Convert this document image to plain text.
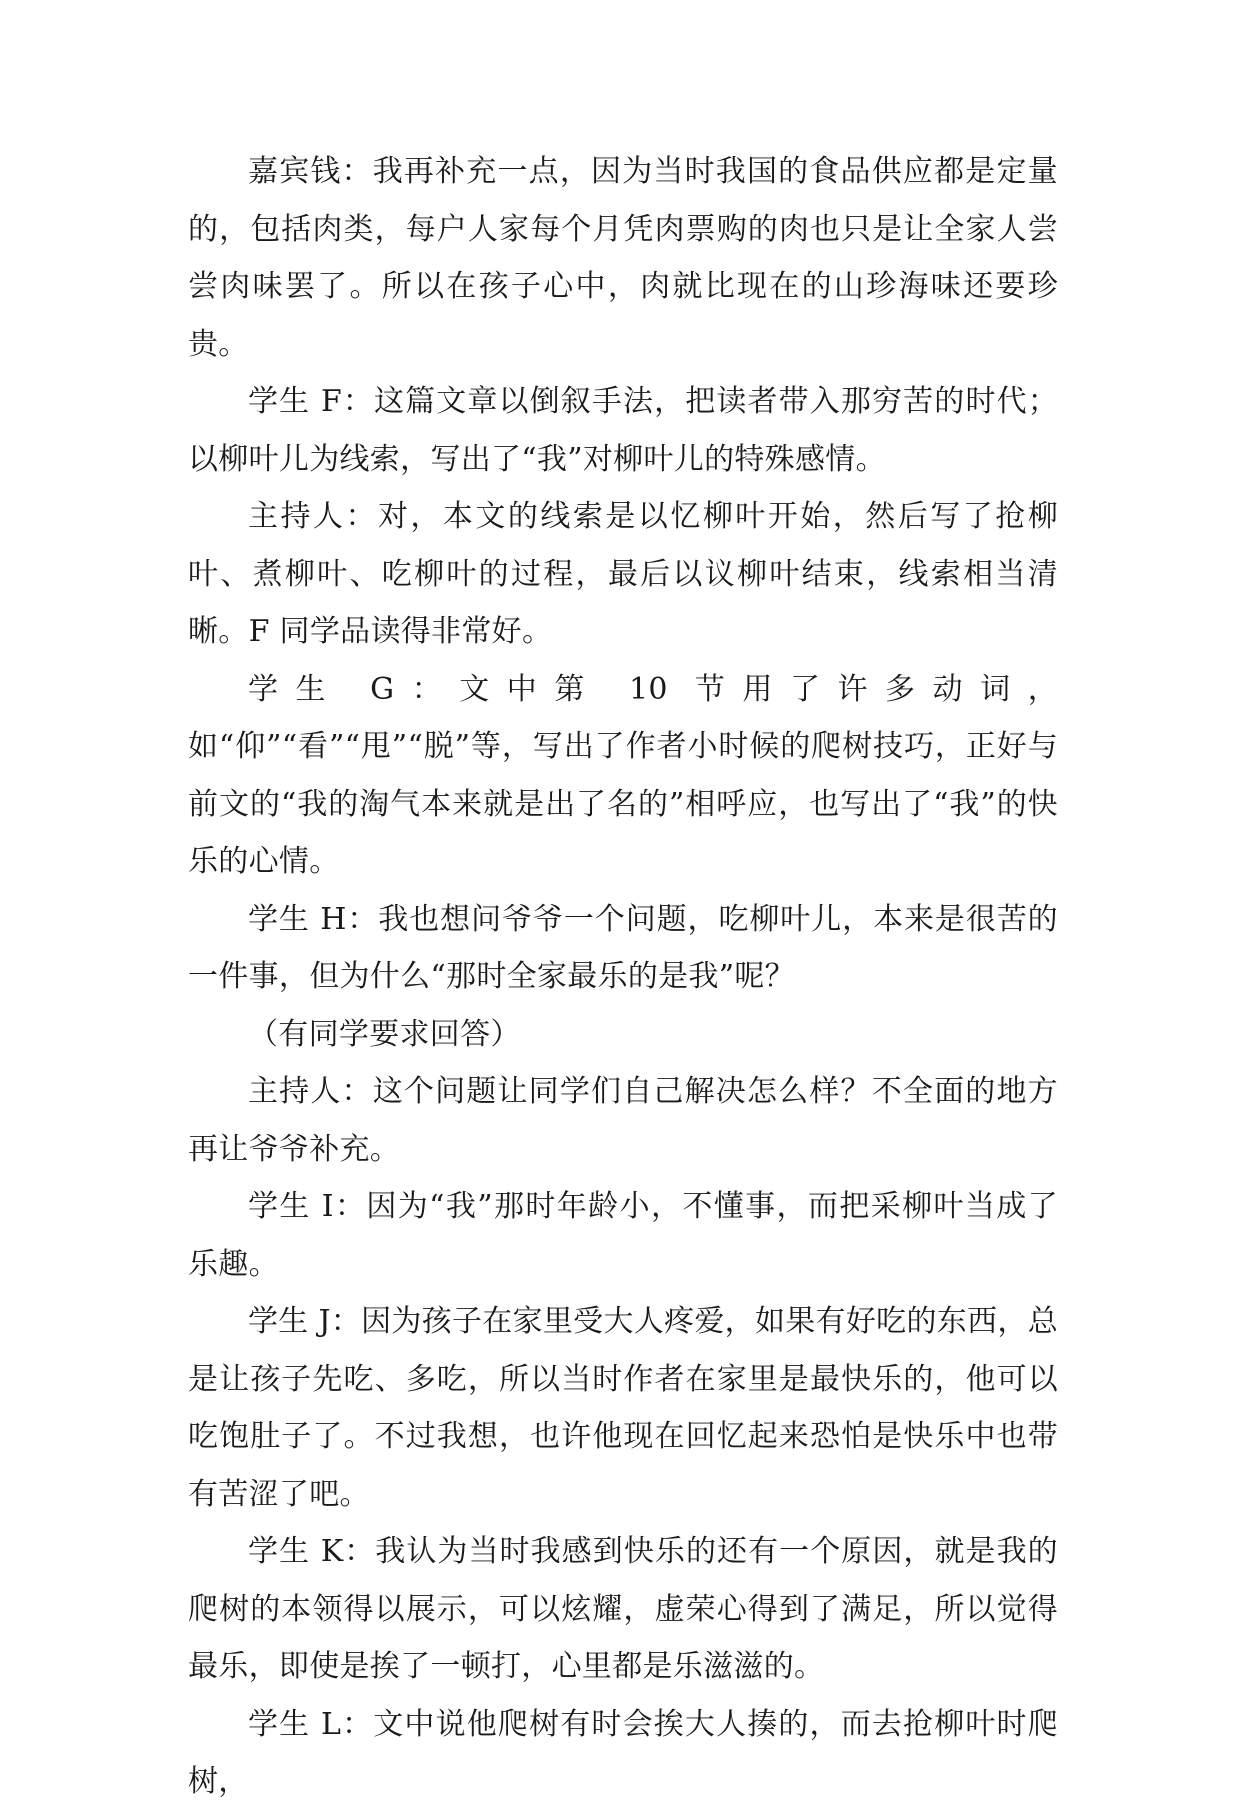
嘉宾钱：我再补充一点，因为当时我国的食品供应都是定量的，包括肉类，每户人家每个月凭肉票购的肉也只是让全家人尝尝肉味罢了。所以在孩子心中，肉就比现在的山珍海味还要珍贵。

学生 F：这篇文章以倒叙手法，把读者带入那穷苦的时代；以柳叶儿为线索，写出了“我”对柳叶儿的特殊感情。

主持人：对，本文的线索是以忆柳叶开始，然后写了抢柳叶、煮柳叶、吃柳叶的过程，最后以议柳叶结束，线索相当清晰。F 同学品读得非常好。

学生 G：文中第 10 节用了许多动词，如“仰”“看”“甩”“脱”等，写出了作者小时候的爬树技巧，正好与前文的“我的淘气本来就是出了名的”相呼应，也写出了“我”的快乐的心情。

学生 H：我也想问爷爷一个问题，吃柳叶儿，本来是很苦的一件事，但为什么“那时全家最乐的是我”呢？

（有同学要求回答）

主持人：这个问题让同学们自己解决怎么样？不全面的地方再让爷爷补充。

学生 I：因为“我”那时年龄小，不懂事，而把采柳叶当成了乐趣。

学生 J：因为孩子在家里受大人疼爱，如果有好吃的东西，总是让孩子先吃、多吃，所以当时作者在家里是最快乐的，他可以吃饱肚子了。不过我想，也许他现在回忆起来恐怕是快乐中也带有苦涩了吧。

学生 K：我认为当时我感到快乐的还有一个原因，就是我的爬树的本领得以展示，可以炫耀，虚荣心得到了满足，所以觉得最乐，即使是挨了一顿打，心里都是乐滋滋的。

学生 L：文中说他爬树有时会挨大人揍的，而去抢柳叶时爬树，
